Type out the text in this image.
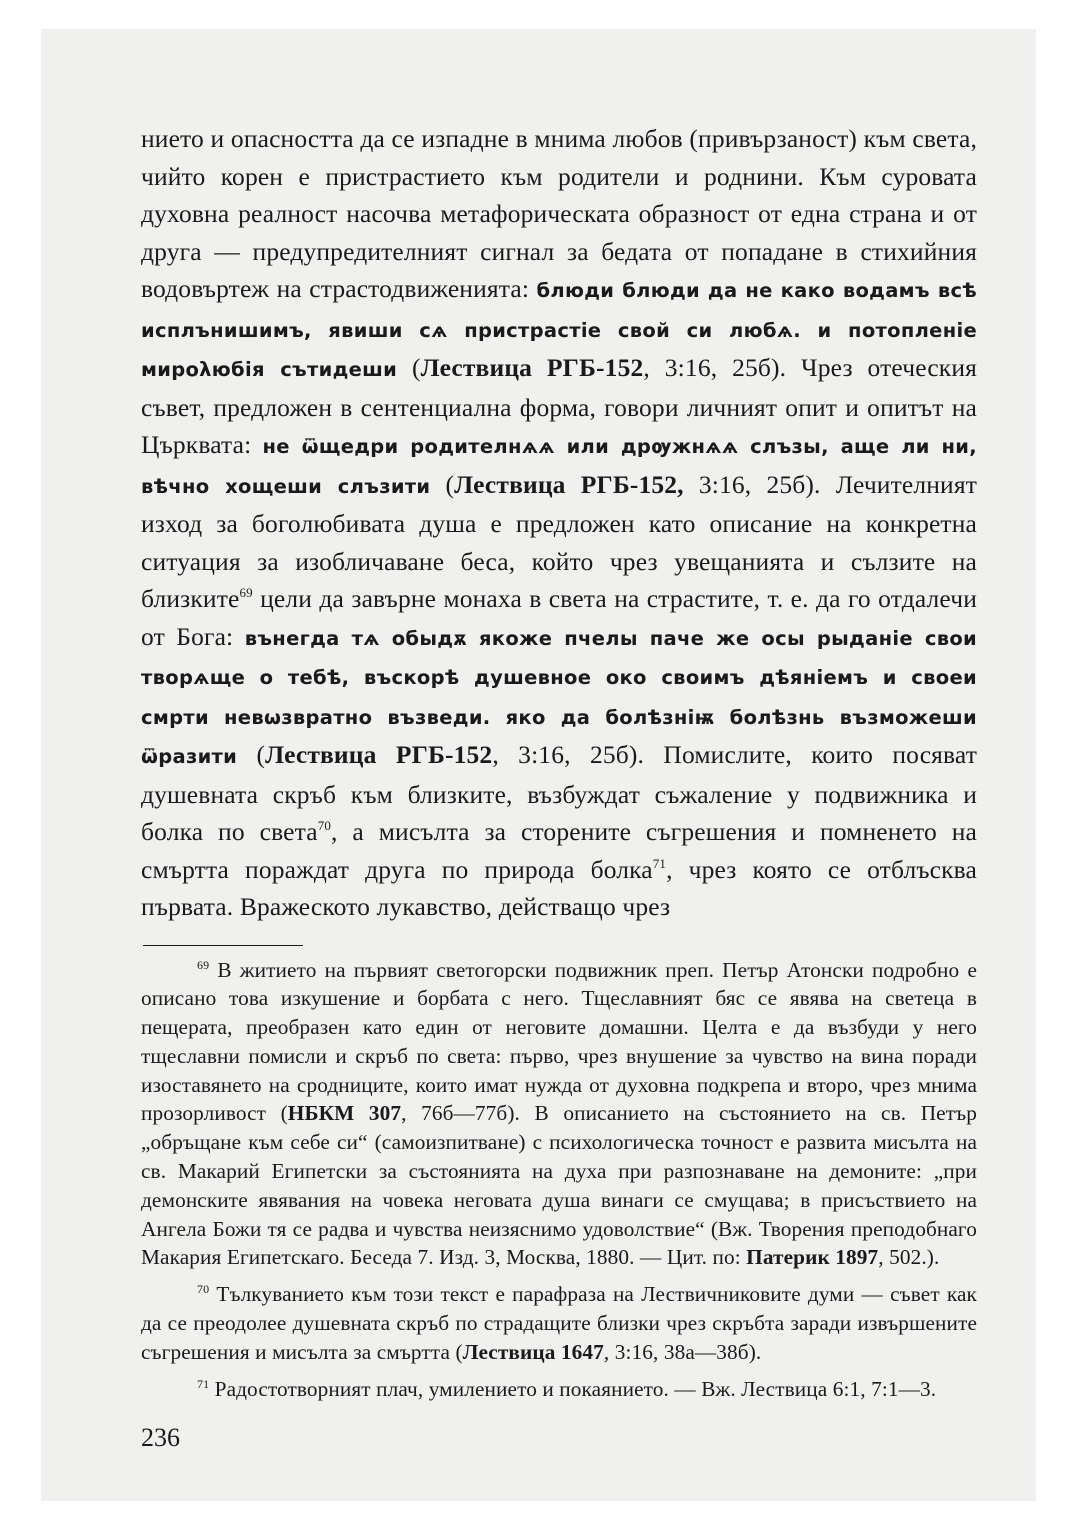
нието и опасността да се изпадне в мнима любов (привързаност) към света, чийто корен е пристрастието към родители и роднини. Към суровата духовна реалност насочва метафорическата образност от една страна и от друга — предупредителният сигнал за бедата от попадане в стихийния водовъртеж на страстодвиженията: блюди блюди да не како водамъ всѣ исплънишимъ, явиши сѧ пристрастіе свой си любѧ. и потопленіе мирολюбія сътидеши (Лествица РГБ-152, 3:16, 25б). Чрез отеческия съвет, предложен в сентенциална форма, говори личният опит и опитът на Църквата: не ѿщедри родителнѧѧ или дрѹжнѧѧ слъзы, аще ли ни, вѣчно хощеши слъзити (Лествица РГБ-152, 3:16, 25б). Лечителният изход за боголюбивата душа е предложен като описание на конкретна ситуация за изобличаване беса, който чрез увещанията и сълзите на близките$^{69}$ цели да завърне монаха в света на страстите, т. е. да го отдалечи от Бога: вънегда тѧ обыдѫ якоже пчелы паче же осы рыданіе свои творѧще о тебѣ, въскорѣ душевное око своимъ дѣяніемъ и своеи смрти невѡзвратно възведи. яко да болѣзніѭ болѣзнь възможеши ѿразити (Лествица РГБ-152, 3:16, 25б). Помислите, които посяват душевната скръб към близките, възбуждат съжаление у подвижника и болка по света$^{70}$, а мисълта за сторените съгрешения и помненето на смъртта пораждат друга по природа болка$^{71}$, чрез която се отблъсква първата. Вражеското лукавство, действащо чрез

$^{69}$ В житието на първият светогорски подвижник преп. Петър Атонски подробно е описано това изкушение и борбата с него. Тщеславният бяс се явява на светеца в пещерата, преобразен като един от неговите домашни. Целта е да възбуди у него тщеславни помисли и скръб по света: първо, чрез внушение за чувство на вина поради изоставянето на сродниците, които имат нужда от духовна подкрепа и второ, чрез мнима прозорливост (НБКМ 307, 76б—77б). В описанието на състоянието на св. Петър „обръщане към себе си“ (самоизпитване) с психологическа точност е развита мисълта на св. Макарий Египетски за състоянията на духа при разпознаване на демоните: „при демонските явявания на човека неговата душа винаги се смущава; в присъствието на Ангела Божи тя се радва и чувства неизяснимо удоволствие“ (Вж. Творения преподобнаго Макария Египетскаго. Беседа 7. Изд. 3, Москва, 1880. — Цит. по: Патерик 1897, 502.).

$^{70}$ Тълкуванието към този текст е парафраза на Лествичниковите думи — съвет как да се преодолее душевната скръб по страдащите близки чрез скръбта заради извършените съгрешения и мисълта за смъртта (Лествица 1647, 3:16, 38а—38б).

$^{71}$ Радостотворният плач, умилението и покаянието. — Вж. Лествица 6:1, 7:1—3.

236
